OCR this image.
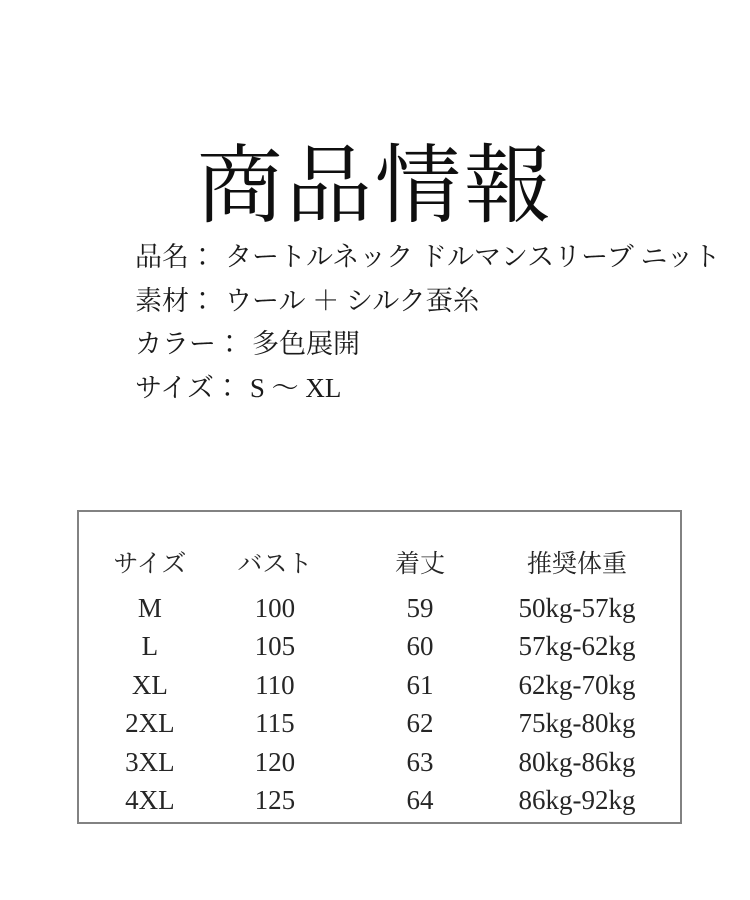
商品情報
品名： タートルネック ドルマンスリーブ ニット
素材： ウール ＋ シルク蚕糸
カラー： 多色展開
サイズ： S ～ XL
サイズ	バスト	着丈	推奨体重
M	100	59	50kg-57kg
L	105	60	57kg-62kg
XL	110	61	62kg-70kg
2XL	115	62	75kg-80kg
3XL	120	63	80kg-86kg
4XL	125	64	86kg-92kg
